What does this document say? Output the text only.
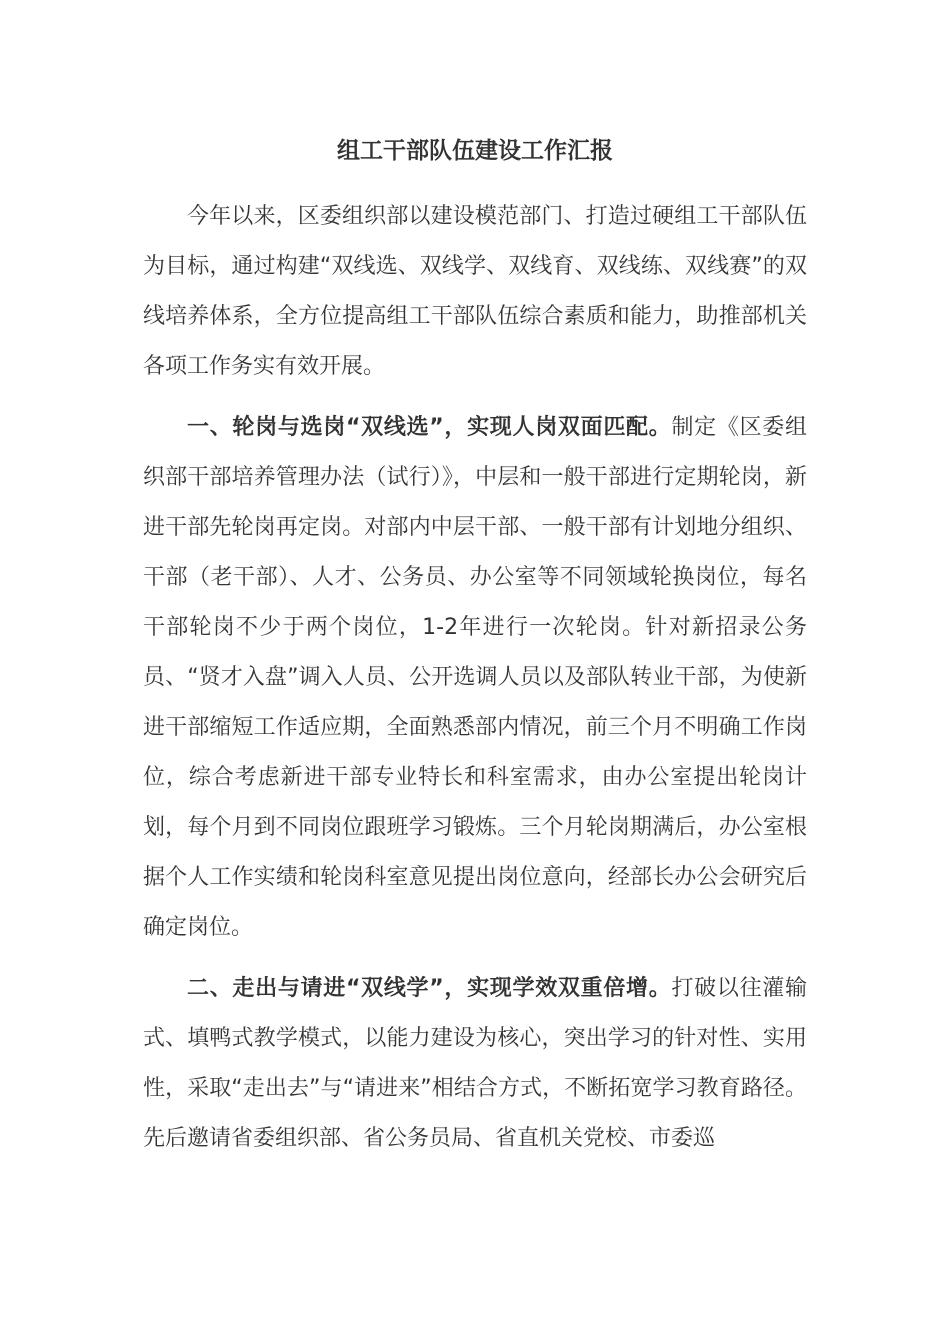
组工干部队伍建设工作汇报

今年以来，区委组织部以建设模范部门、打造过硬组工干部队伍为目标，通过构建“双线选、双线学、双线育、双线练、双线赛”的双线培养体系，全方位提高组工干部队伍综合素质和能力，助推部机关各项工作务实有效开展。

一、轮岗与选岗“双线选”，实现人岗双面匹配。制定《区委组织部干部培养管理办法（试行）》，中层和一般干部进行定期轮岗，新进干部先轮岗再定岗。对部内中层干部、一般干部有计划地分组织、干部（老干部）、人才、公务员、办公室等不同领域轮换岗位，每名干部轮岗不少于两个岗位，1-2年进行一次轮岗。针对新招录公务员、“贤才入盘”调入人员、公开选调人员以及部队转业干部，为使新进干部缩短工作适应期，全面熟悉部内情况，前三个月不明确工作岗位，综合考虑新进干部专业特长和科室需求，由办公室提出轮岗计划，每个月到不同岗位跟班学习锻炼。三个月轮岗期满后，办公室根据个人工作实绩和轮岗科室意见提出岗位意向，经部长办公会研究后确定岗位。

二、走出与请进“双线学”，实现学效双重倍增。打破以往灌输式、填鸭式教学模式，以能力建设为核心，突出学习的针对性、实用性，采取“走出去”与“请进来”相结合方式，不断拓宽学习教育路径。先后邀请省委组织部、省公务员局、省直机关党校、市委巡
